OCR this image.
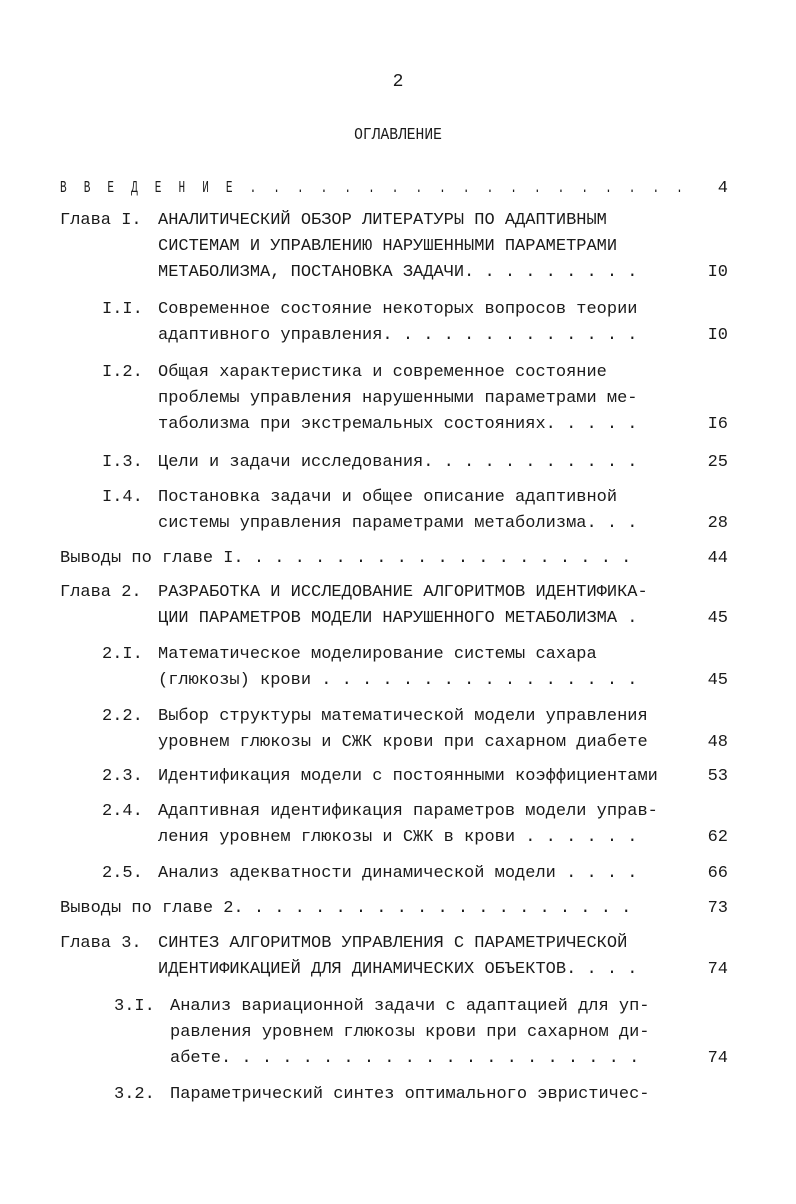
2
ОГЛАВЛЕНИЕ
В В Е Д Е Н И Е . . . . . . . . . . . . . . . . . . . 4
Глава I. АНАЛИТИЧЕСКИЙ ОБЗОР ЛИТЕРАТУРЫ ПО АДАПТИВНЫМ
СИСТЕМАМ И УПРАВЛЕНИЮ НАРУШЕННЫМИ ПАРАМЕТРАМИ
МЕТАБОЛИЗМА, ПОСТАНОВКА ЗАДАЧИ. . . . . . . . .	I0
I.I. Современное состояние некоторых вопросов теории
адаптивного управления. . . . . . . . . . . . .	I0
I.2. Общая характеристика и современное состояние
проблемы управления нарушенными параметрами ме-
таболизма при экстремальных состояниях. . . . .	I6
I.3. Цели и задачи исследования. . . . . . . . . . .	25
I.4. Постановка задачи и общее описание адаптивной
системы управления параметрами метаболизма. . .	28
Выводы по главе I. . . . . . . . . . . . . . . . . . . .	44
Глава 2. РАЗРАБОТКА И ИССЛЕДОВАНИЕ АЛГОРИТМОВ ИДЕНТИФИКА-
ЦИИ ПАРАМЕТРОВ МОДЕЛИ НАРУШЕННОГО МЕТАБОЛИЗМА .	45
2.I. Математическое моделирование системы сахара
(глюкозы) крови . . . . . . . . . . . . . . . .	45
2.2. Выбор структуры математической модели управления
уровнем глюкозы и СЖК крови при сахарном диабете	48
2.3. Идентификация модели с постоянными коэффициентами	53
2.4. Адаптивная идентификация параметров модели управ-
ления уровнем глюкозы и СЖК в крови . . . . . .	62
2.5. Анализ адекватности динамической модели . . . .	66
Выводы по главе 2. . . . . . . . . . . . . . . . . . . .	73
Глава 3. СИНТЕЗ АЛГОРИТМОВ УПРАВЛЕНИЯ С ПАРАМЕТРИЧЕСКОЙ
ИДЕНТИФИКАЦИЕЙ ДЛЯ ДИНАМИЧЕСКИХ ОБЪЕКТОВ. . . .	74
3.I. Анализ вариационной задачи с адаптацией для уп-
равления уровнем глюкозы крови при сахарном ди-
абете. . . . . . . . . . . . . . . . . . . . .	74
3.2. Параметрический синтез оптимального эвристичес-
